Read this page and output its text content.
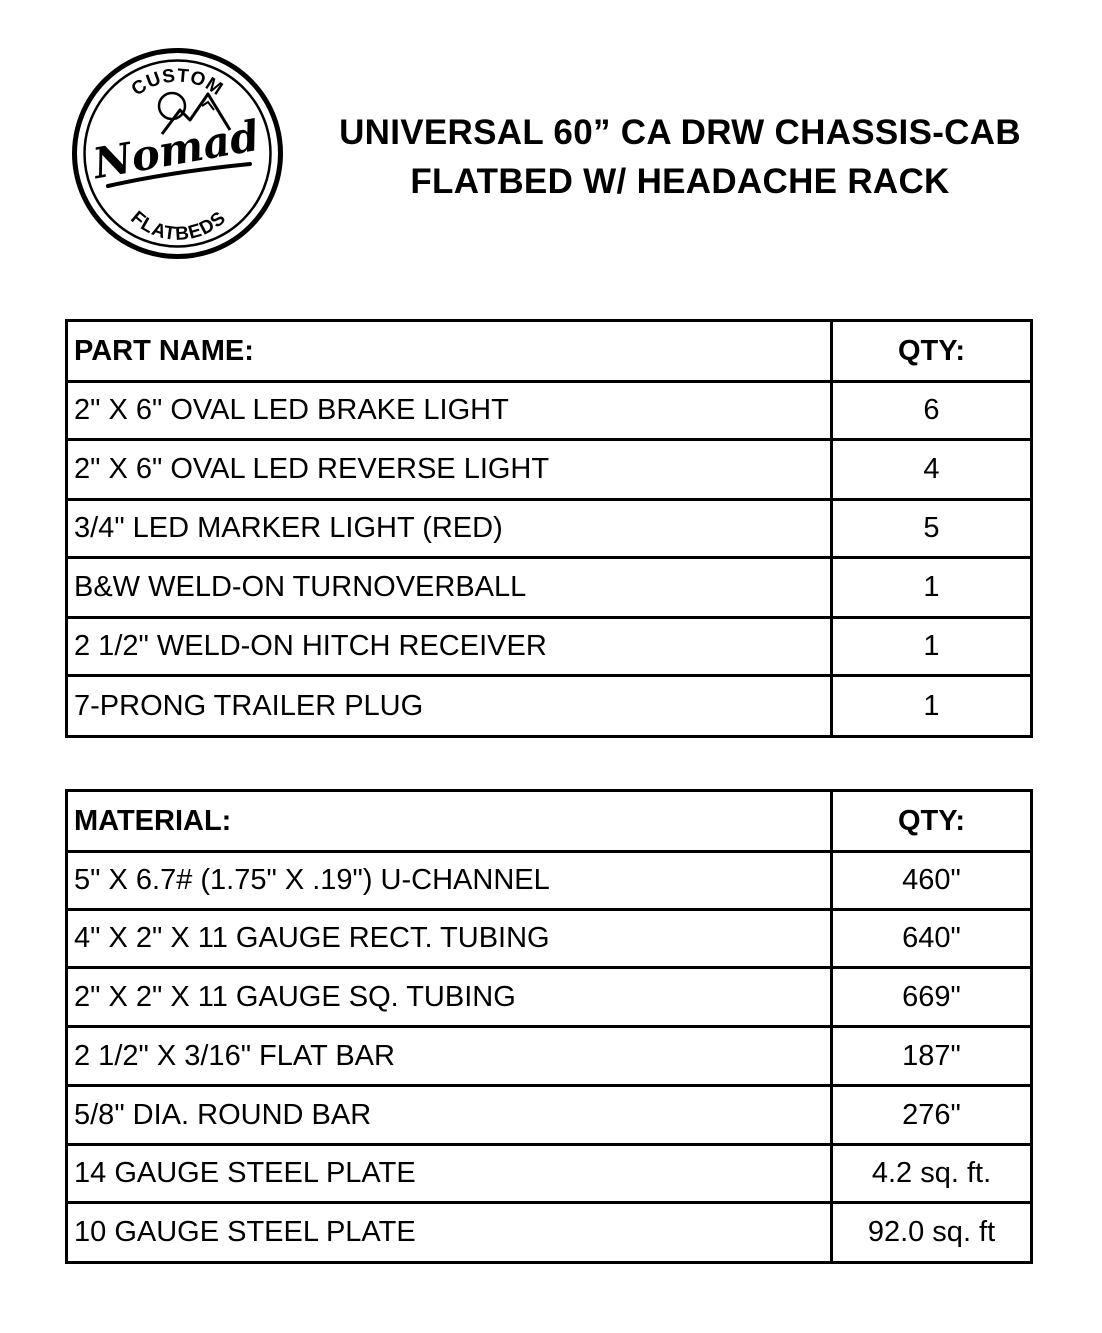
CUSTOM
FLATBEDS
Nomad	UNIVERSAL 60” CA DRW CHASSIS-CAB
FLATBED W/ HEADACHE RACK
PART NAME:	QTY:
2" X 6" OVAL LED BRAKE LIGHT	6
2" X 6" OVAL LED REVERSE LIGHT	4
3/4" LED MARKER LIGHT (RED)	5
B&W WELD-ON TURNOVERBALL	1
2 1/2" WELD-ON HITCH RECEIVER	1
7-PRONG TRAILER PLUG	1
MATERIAL:	QTY:
5" X 6.7# (1.75" X .19") U-CHANNEL	460"
4" X 2" X 11 GAUGE RECT. TUBING	640"
2" X 2" X 11 GAUGE SQ. TUBING	669"
2 1/2" X 3/16" FLAT BAR	187"
5/8" DIA. ROUND BAR	276"
14 GAUGE STEEL PLATE	4.2 sq. ft.
10 GAUGE STEEL PLATE	92.0 sq. ft
